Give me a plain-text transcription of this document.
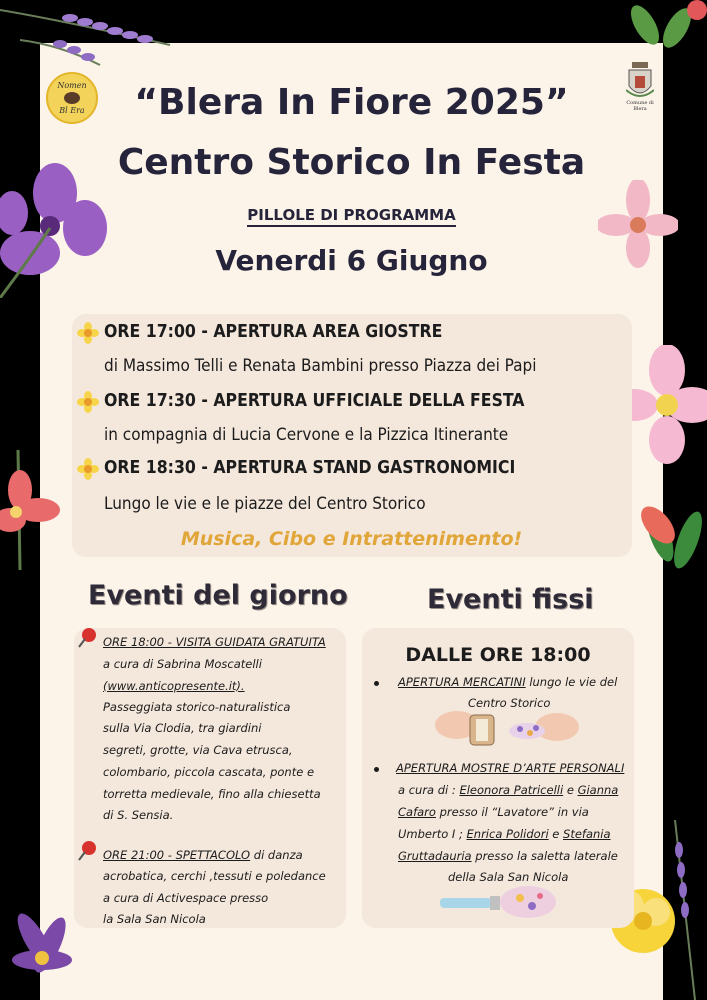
Nomen
Bl Era
Comune di
Blera
“Blera In Fiore 2025”
Centro Storico In Festa
PILLOLE DI PROGRAMMA
Venerdi 6 Giugno
ORE 17:00 - APERTURA AREA GIOSTRE
di Massimo Telli e Renata Bambini presso Piazza dei Papi
ORE 17:30 - APERTURA UFFICIALE DELLA FESTA
in compagnia di Lucia Cervone e la Pizzica Itinerante
ORE 18:30 - APERTURA STAND GASTRONOMICI
Lungo le vie e le piazze del Centro Storico
Musica, Cibo e Intrattenimento!
Eventi del giorno	Eventi fissi
ORE 18:00 - VISITA GUIDATA GRATUITA
a cura di Sabrina Moscatelli
(www.anticopresente.it).
Passeggiata storico-naturalistica
sulla Via Clodia, tra giardini
segreti, grotte, via Cava etrusca,
colombario, piccola cascata, ponte e
torretta medievale, fino alla chiesetta
di S. Sensia.
ORE 21:00 - SPETTACOLO di danza
acrobatica, cerchi ,tessuti e poledance
a cura di Activespace presso
la Sala San Nicola
DALLE ORE 18:00
APERTURA MERCATINI lungo le vie del
Centro Storico
APERTURA MOSTRE D’ARTE PERSONALI
a cura di : Eleonora Patricelli e Gianna
Cafaro presso il “Lavatore” in via
Umberto I ; Enrica Polidori e Stefania
Gruttadauria presso la saletta laterale
della Sala San Nicola
